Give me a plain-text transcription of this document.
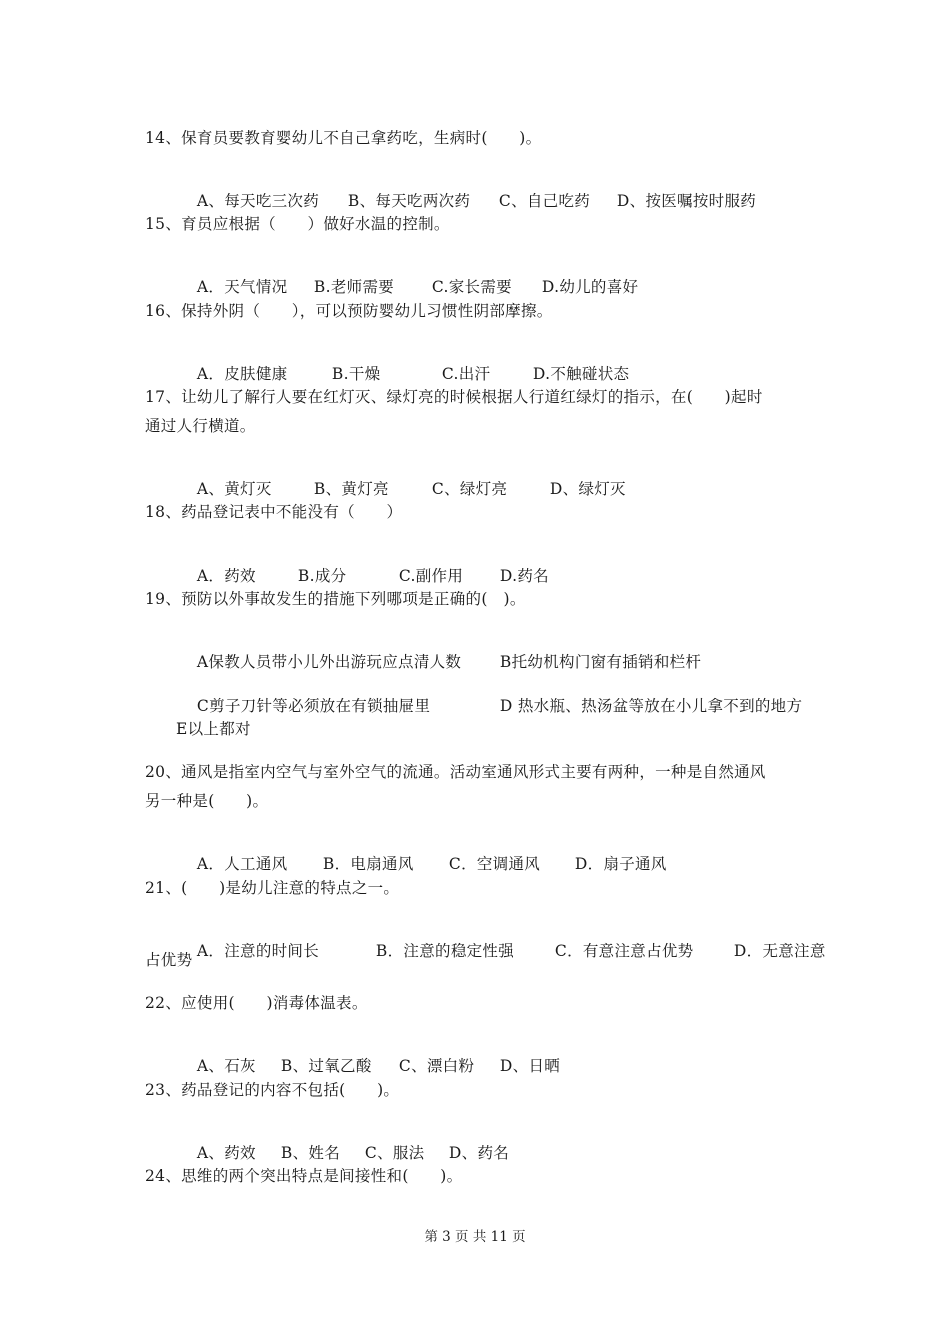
14、保育员要教育婴幼儿不自己拿药吃，生病时(　　)。

A、每天吃三次药 B、每天吃两次药 C、自己吃药 D、按医嘱按时服药

15、育员应根据（　　）做好水温的控制。

A．天气情况 B.老师需要 C.家长需要 D.幼儿的喜好

16、保持外阴（　　），可以预防婴幼儿习惯性阴部摩擦。

A．皮肤健康	B.干燥	C.出汗	D.不触碰状态

17、让幼儿了解行人要在红灯灭、绿灯亮的时候根据人行道红绿灯的指示，在(　　)起时
通过人行横道。

A、黄灯灭	B、黄灯亮	C、绿灯亮	D、绿灯灭

18、药品登记表中不能没有（　　）

A．药效	B.成分	C.副作用 D.药名

19、预防以外事故发生的措施下列哪项是正确的(　)。

A保教人员带小儿外出游玩应点清人数 B托幼机构门窗有插销和栏杆

C剪子刀针等必须放在有锁抽屉里	D 热水瓶、热汤盆等放在小儿拿不到的地方

E以上都对
20、通风是指室内空气与室外空气的流通。活动室通风形式主要有两种，一种是自然通风
另一种是(　　)。

A．人工通风 B．电扇通风 C．空调通风 D．扇子通风

21、(　　)是幼儿注意的特点之一。

A．注意的时间长	B．注意的稳定性强	C．有意注意占优势	D．无意注意

占优势
22、应使用(　　)消毒体温表。

A、石灰 B、过氧乙酸 C、漂白粉 D、日晒

23、药品登记的内容不包括(　　)。

A、药效 B、姓名 C、服法 D、药名

24、思维的两个突出特点是间接性和(　　)。
第 3 页 共 11 页
